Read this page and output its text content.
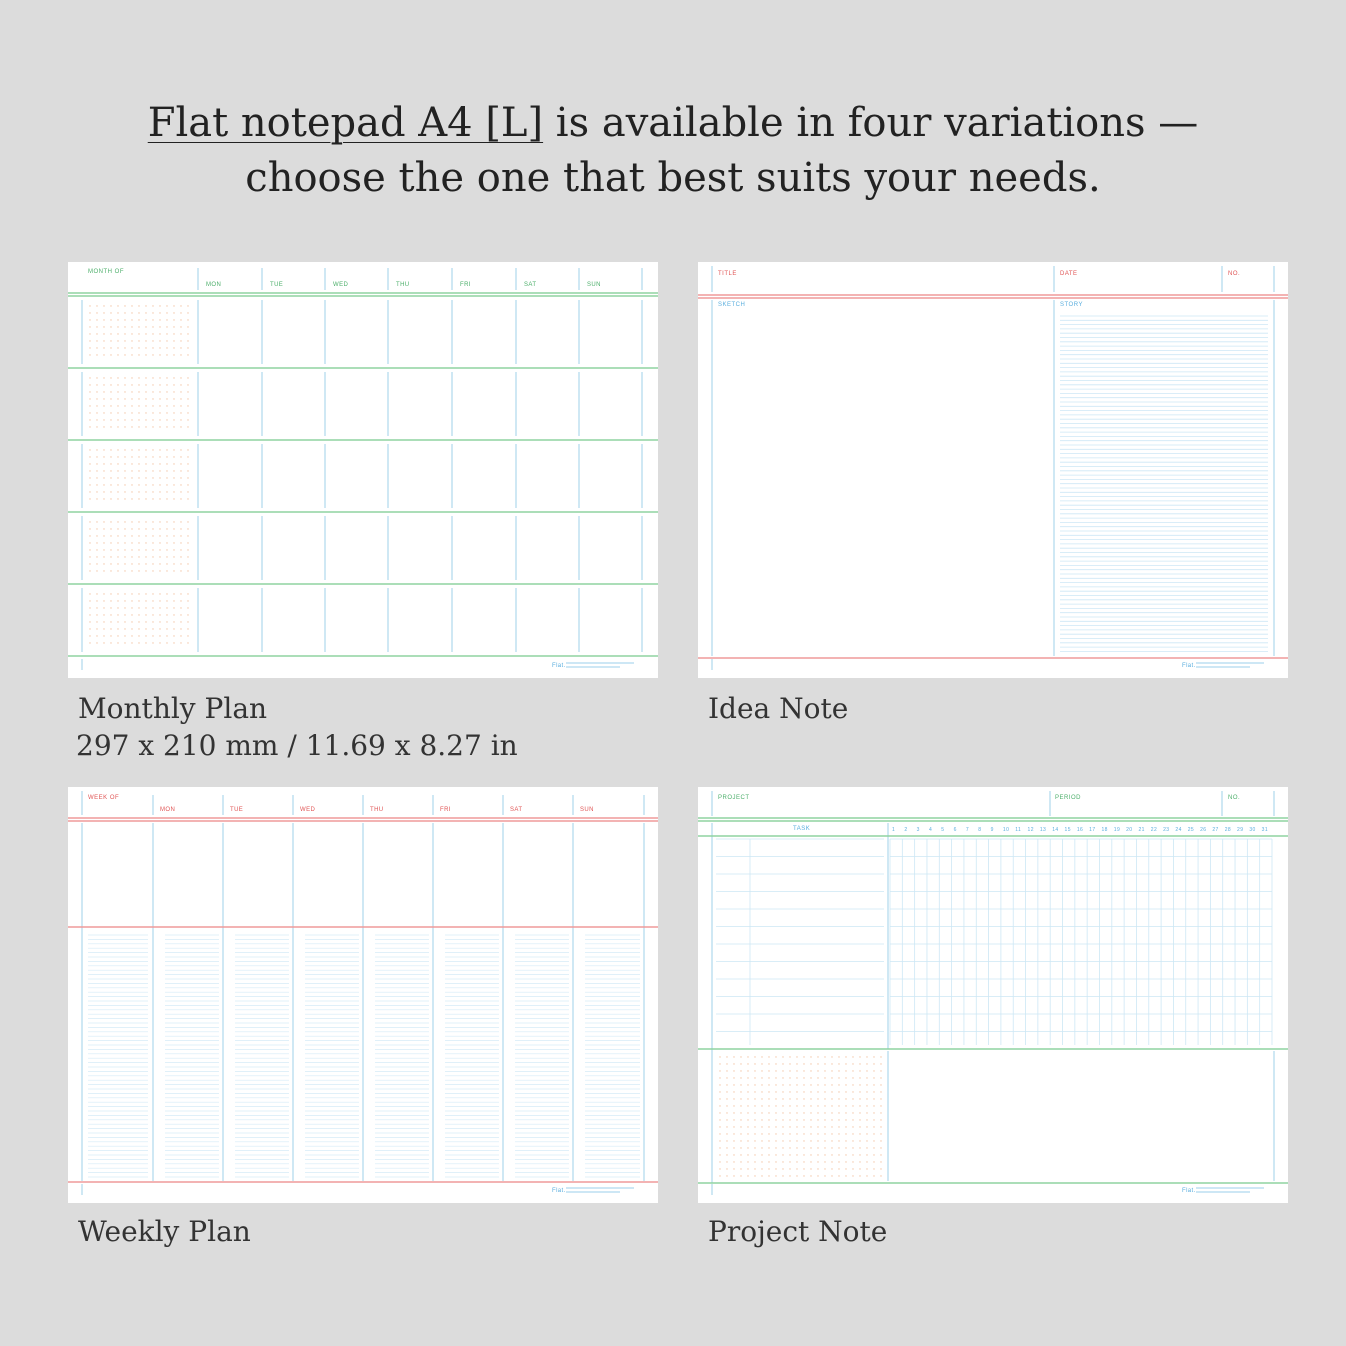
Flat notepad A4 [L] is available in four variations —
choose the one that best suits your needs.
MONTH OF
MON	TUE	WED	THU	FRI	SAT	SUN
Flat.
Monthly Plan
297 x 210 mm / 11.69 x 8.27 in
TITLE	DATE	NO.
SKETCH	STORY
Flat.
Idea Note
WEEK OF
MON	TUE	WED	THU	FRI	SAT	SUN
Flat.
Weekly Plan
PROJECT	PERIOD	NO.
TASK	1 2 3 4 5 6 7 8 9 10 11 12 13 14 15 16 17 18 19 20 21 22 23 24 25 26 27 28 29 30 31
Flat.
Project Note
